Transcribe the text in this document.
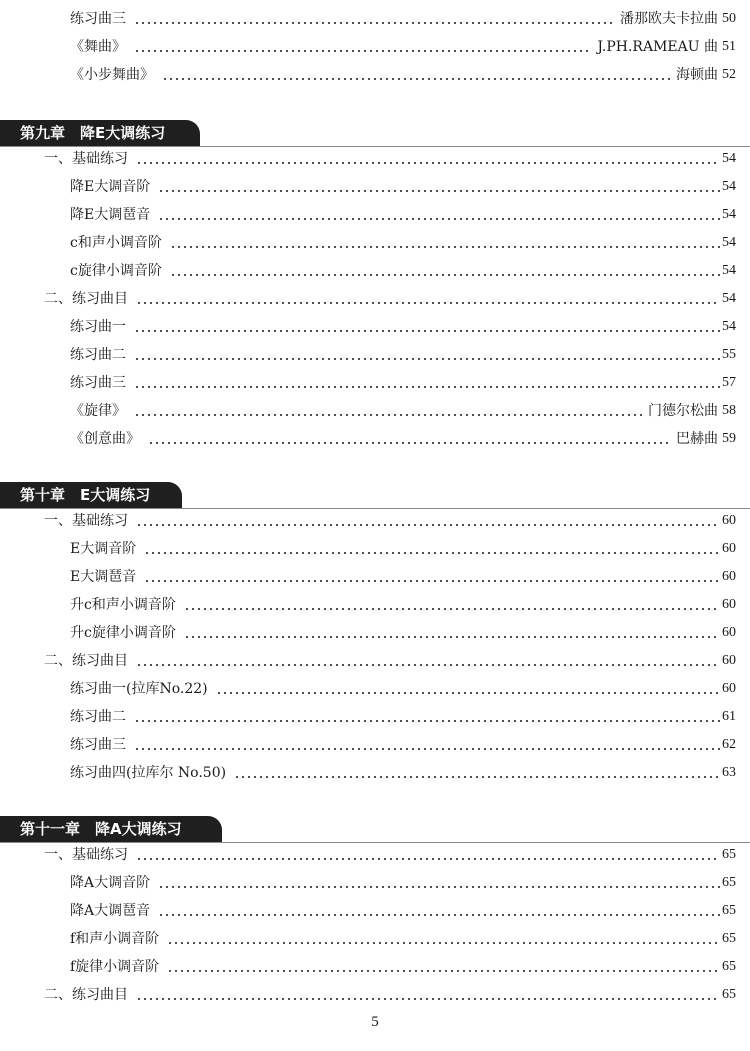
练习曲三	潘那欧夫卡拉曲 50
《舞曲》	J.PH.RAMEAU 曲 51
《小步舞曲》	海顿曲 52
第九章　降E大调练习
一、基础练习	54
降E大调音阶	54
降E大调琶音	54
c和声小调音阶	54
c旋律小调音阶	54
二、练习曲目	54
练习曲一	54
练习曲二	55
练习曲三	57
《旋律》	门德尔松曲 58
《创意曲》	巴赫曲 59
第十章　E大调练习
一、基础练习	60
E大调音阶	60
E大调琶音	60
升c和声小调音阶	60
升c旋律小调音阶	60
二、练习曲目	60
练习曲一(拉库No.22)	60
练习曲二	61
练习曲三	62
练习曲四(拉库尔 No.50)	63
第十一章　降A大调练习
一、基础练习	65
降A大调音阶	65
降A大调琶音	65
f和声小调音阶	65
f旋律小调音阶	65
二、练习曲目	65
5
